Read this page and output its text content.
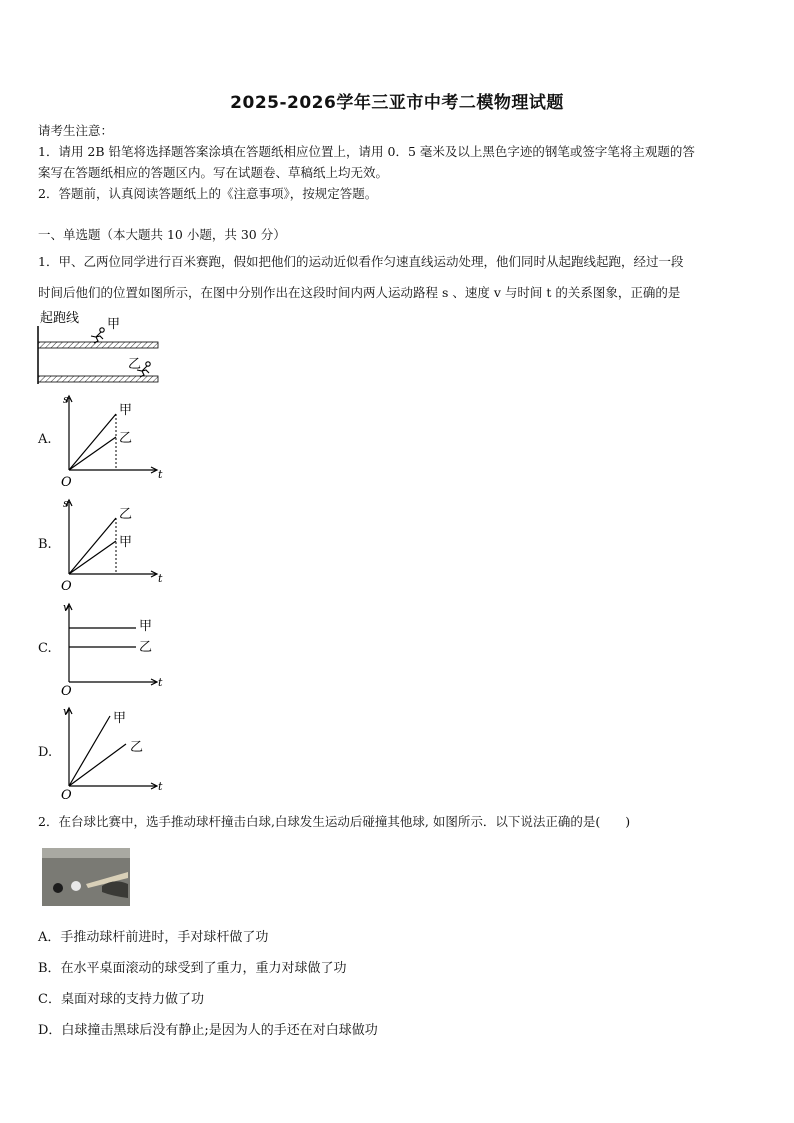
2025-2026学年三亚市中考二模物理试题
请考生注意：
1．请用 2B 铅笔将选择题答案涂填在答题纸相应位置上，请用 0．5 毫米及以上黑色字迹的钢笔或签字笔将主观题的答
案写在答题纸相应的答题区内。写在试题卷、草稿纸上均无效。
2．答题前，认真阅读答题纸上的《注意事项》，按规定答题。
一、单选题（本大题共 10 小题，共 30 分）
1．甲、乙两位同学进行百米赛跑，假如把他们的运动近似看作匀速直线运动处理，他们同时从起跑线起跑，经过一段
时间后他们的位置如图所示，在图中分别作出在这段时间内两人运动路程 s 、速度 v 与时间 t 的关系图象，正确的是
起跑线 甲
乙
A.
s
t
O
甲
乙
B.
s
t
O
乙
甲
C.
v
t
O
甲
乙
D.
v
t
O
甲
乙
2．在台球比赛中，选手推动球杆撞击白球,白球发生运动后碰撞其他球, 如图所示．以下说法正确的是(　　)
A．手推动球杆前进时，手对球杆做了功
B．在水平桌面滚动的球受到了重力，重力对球做了功
C．桌面对球的支持力做了功
D．白球撞击黑球后没有静止;是因为人的手还在对白球做功
